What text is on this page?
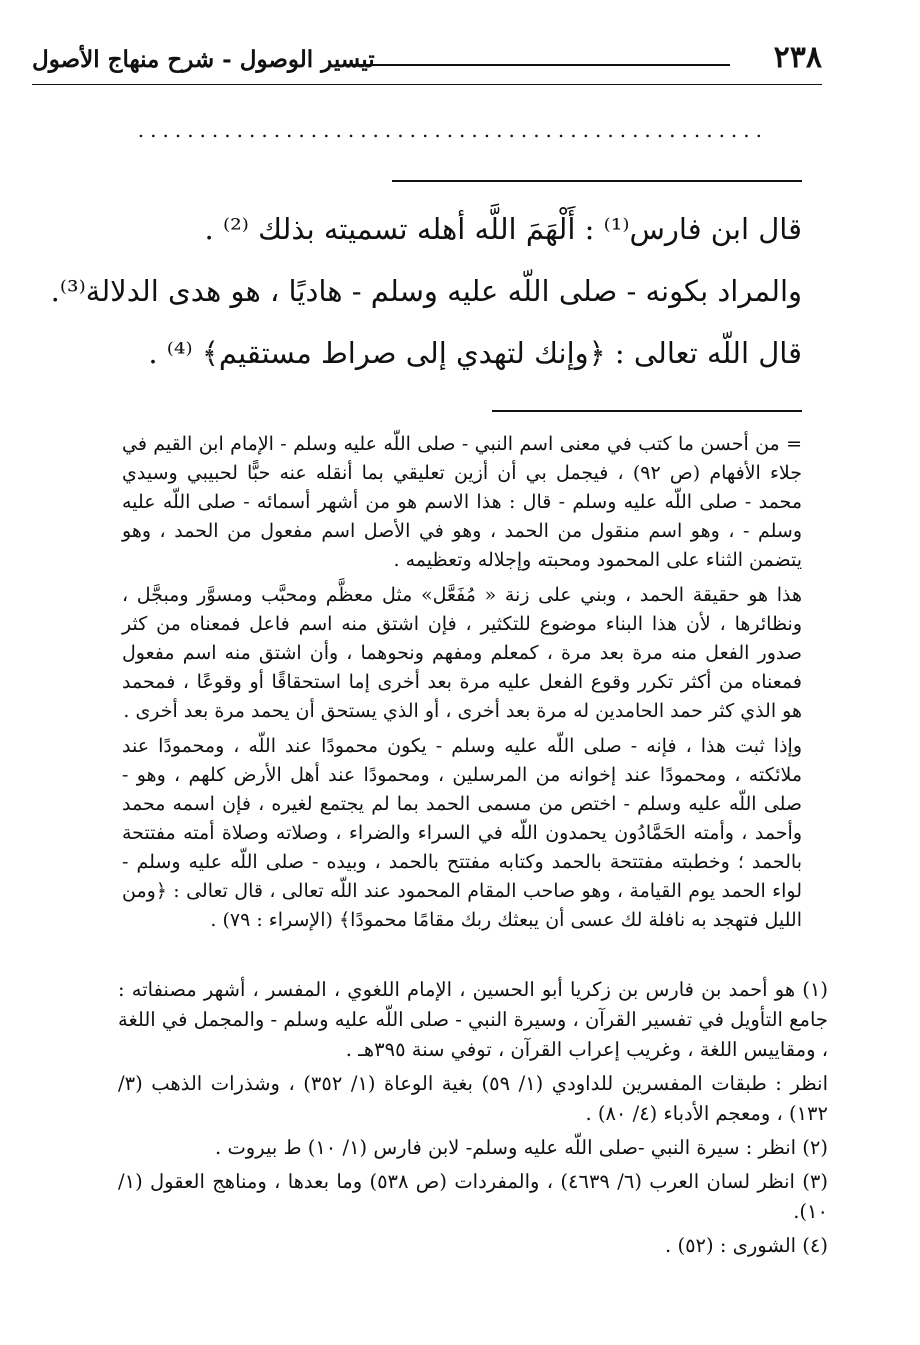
٢٣٨
تيسير الوصول - شرح منهاج الأصول
...................................................

قال ابن فارس⁽¹⁾ : أَلْهَمَ اللَّه أهله تسميته بذلك ⁽²⁾ .

والمراد بكونه - صلى اللّه عليه وسلم - هاديًا ، هو هدى الدلالة⁽³⁾.

قال اللّه تعالى : ﴿وإنك لتهدي إلى صراط مستقيم﴾ ⁽⁴⁾ .

= من أحسن ما كتب في معنى اسم النبي - صلى اللّه عليه وسلم - الإمام ابن القيم في جلاء الأفهام (ص ٩٢) ، فيجمل بي أن أزين تعليقي بما أنقله عنه حبًّا لحبيبي وسيدي محمد - صلى اللّه عليه وسلم - قال : هذا الاسم هو من أشهر أسمائه - صلى اللّه عليه وسلم - ، وهو اسم منقول من الحمد ، وهو في الأصل اسم مفعول من الحمد ، وهو يتضمن الثناء على المحمود ومحبته وإجلاله وتعظيمه .

هذا هو حقيقة الحمد ، وبني على زنة « مُفَعَّل» مثل معظَّم ومحبَّب ومسوَّر ومبجَّل ، ونظائرها ، لأن هذا البناء موضوع للتكثير ، فإن اشتق منه اسم فاعل فمعناه من كثر صدور الفعل منه مرة بعد مرة ، كمعلم ومفهم ونحوهما ، وأن اشتق منه اسم مفعول فمعناه من أكثر تكرر وقوع الفعل عليه مرة بعد أخرى إما استحقاقًا أو وقوعًا ، فمحمد هو الذي كثر حمد الحامدين له مرة بعد أخرى ، أو الذي يستحق أن يحمد مرة بعد أخرى .

وإذا ثبت هذا ، فإنه - صلى اللّه عليه وسلم - يكون محمودًا عند اللّه ، ومحمودًا عند ملائكته ، ومحمودًا عند إخوانه من المرسلين ، ومحمودًا عند أهل الأرض كلهم ، وهو - صلى اللّه عليه وسلم - اختص من مسمى الحمد بما لم يجتمع لغيره ، فإن اسمه محمد وأحمد ، وأمته الحَمَّادُون يحمدون اللّه في السراء والضراء ، وصلاته وصلاة أمته مفتتحة بالحمد ؛ وخطبته مفتتحة بالحمد وكتابه مفتتح بالحمد ، وبيده - صلى اللّه عليه وسلم - لواء الحمد يوم القيامة ، وهو صاحب المقام المحمود عند اللّه تعالى ، قال تعالى : ﴿ومن الليل فتهجد به نافلة لك عسى أن يبعثك ربك مقامًا محمودًا﴾ (الإسراء : ٧٩) .

(١) هو أحمد بن فارس بن زكريا أبو الحسين ، الإمام اللغوي ، المفسر ، أشهر مصنفاته : جامع التأويل في تفسير القرآن ، وسيرة النبي - صلى اللّه عليه وسلم - والمجمل في اللغة ، ومقاييس اللغة ، وغريب إعراب القرآن ، توفي سنة ٣٩٥هـ .

انظر : طبقات المفسرين للداودي (١/ ٥٩) بغية الوعاة (١/ ٣٥٢) ، وشذرات الذهب (٣/ ١٣٢) ، ومعجم الأدباء (٤/ ٨٠) .

(٢) انظر : سيرة النبي -صلى اللّه عليه وسلم- لابن فارس (١/ ١٠) ط بيروت .

(٣) انظر لسان العرب (٦/ ٤٦٣٩) ، والمفردات (ص ٥٣٨) وما بعدها ، ومناهج العقول (١/ ١٠).

(٤) الشورى : (٥٢) .
